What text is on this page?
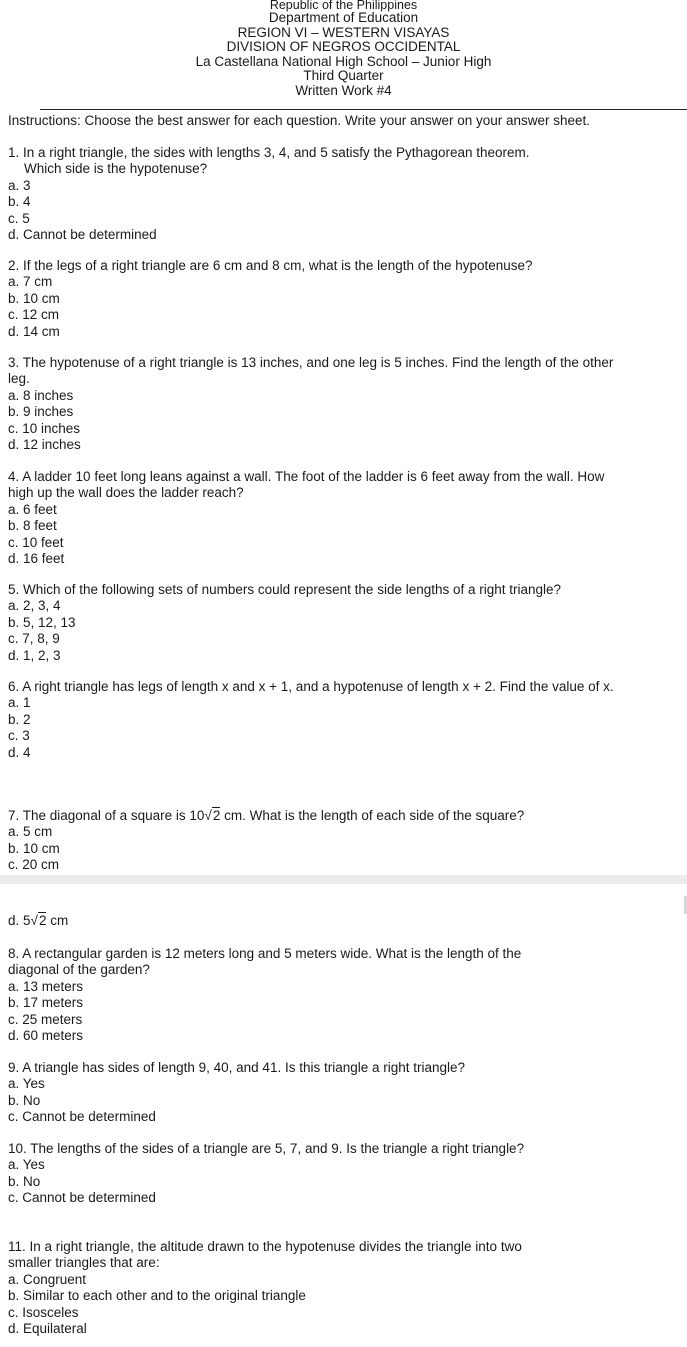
Republic of the Philippines
Department of Education
REGION VI – WESTERN VISAYAS
DIVISION OF NEGROS OCCIDENTAL
La Castellana National High School – Junior High
Third Quarter
Written Work #4
Instructions: Choose the best answer for each question. Write your answer on your answer sheet.
1. In a right triangle, the sides with lengths 3, 4, and 5 satisfy the Pythagorean theorem.
Which side is the hypotenuse?
a. 3
b. 4
c. 5
d. Cannot be determined
2. If the legs of a right triangle are 6 cm and 8 cm, what is the length of the hypotenuse?
a. 7 cm
b. 10 cm
c. 12 cm
d. 14 cm
3. The hypotenuse of a right triangle is 13 inches, and one leg is 5 inches. Find the length of the other
leg.
a. 8 inches
b. 9 inches
c. 10 inches
d. 12 inches
4. A ladder 10 feet long leans against a wall. The foot of the ladder is 6 feet away from the wall. How
high up the wall does the ladder reach?
a. 6 feet
b. 8 feet
c. 10 feet
d. 16 feet
5. Which of the following sets of numbers could represent the side lengths of a right triangle?
a. 2, 3, 4
b. 5, 12, 13
c. 7, 8, 9
d. 1, 2, 3
6. A right triangle has legs of length x and x + 1, and a hypotenuse of length x + 2. Find the value of x.
a. 1
b. 2
c. 3
d. 4
7. The diagonal of a square is 10√2 cm. What is the length of each side of the square?
a. 5 cm
b. 10 cm
c. 20 cm
d. 5√2 cm
8. A rectangular garden is 12 meters long and 5 meters wide. What is the length of the
diagonal of the garden?
a. 13 meters
b. 17 meters
c. 25 meters
d. 60 meters
9. A triangle has sides of length 9, 40, and 41. Is this triangle a right triangle?
a. Yes
b. No
c. Cannot be determined
10. The lengths of the sides of a triangle are 5, 7, and 9. Is the triangle a right triangle?
a. Yes
b. No
c. Cannot be determined
11. In a right triangle, the altitude drawn to the hypotenuse divides the triangle into two
smaller triangles that are:
a. Congruent
b. Similar to each other and to the original triangle
c. Isosceles
d. Equilateral
